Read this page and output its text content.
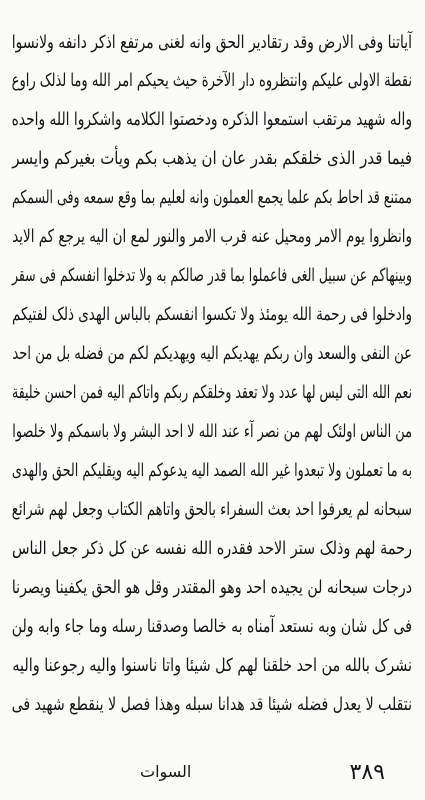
آیاتنا وفی الارض وقد رتقادیر الحق وانه لغنی مرتفع اذکر دانفه ولانسوا
نقطة الاولی علیکم وانتظروه دار الآخرة حیث یحیکم امر الله وما لذلک راوع
واله شهید مرتقب استمعوا الذکره ودخصتوا الکلامه واشکروا الله واحده
فیما قدر الذی خلقکم بقدر عان ان یذهب بکم ویأت بغیرکم وایسر
ممتنع قد احاط بکم علما یجمع العملون وانه لعلیم بما وقع سمعه وفی السمکم
وانظروا یوم الامر ومحیل عنه قرب الامر والنور لمع ان الیه یرجع کم الاید
وبینهاکم عن سبیل الغی فاعملوا بما قدر صالکم به ولا تدخلوا انفسکم فی سقر
وادخلوا فی رحمة الله یومئذ ولا تکسوا انفسکم بالباس الهدی ذلک لفتیکم
عن النفی والسعد وان ربکم یهدیکم الیه ویهدیکم لکم من فضله بل من احد
نعم الله التی لیس لها عدد ولا تعقد وخلقکم ربکم واتاکم الیه فمن احسن خلیقة
من الناس اولئک لهم من نصر آء عند الله لا احد البشر ولا باسمکم ولا خلصوا
به ما تعملون ولا تبعدوا غیر الله الصمد الیه یدعوکم الیه ویقلیکم الحق والهدی
سبحانه لم یعرفوا احد بعث السفراء بالحق واتاهم الکتاب وجعل لهم شرائع
رحمة لهم وذلک ستر الاحد فقدره الله نفسه عن کل ذکر جعل الناس
درجات سبحانه لن یجیده احد وهو المقتدر وقل هو الحق یکفینا ویصرنا
فی کل شان وبه نستعد آمناه به خالصا وصدقنا رسله وما جاء وابه ولن
نشرک بالله من احد خلقنا لهم کل شیئا واتا ناسنوا والیه رجوعنا والیه
نتقلب لا یعدل فضله شیئا قد هدانا سبله وهذا فصل لا ینقطع شهید فی
السوات	۳۸۹
